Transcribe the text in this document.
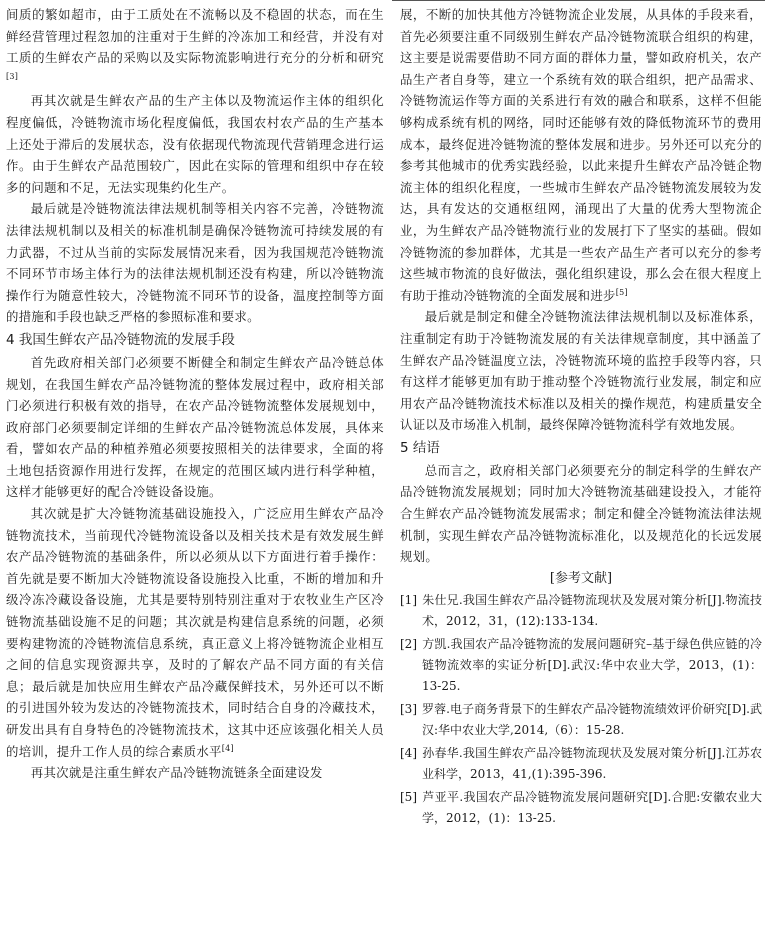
间质的繁如超市，由于工质处在不流畅以及不稳固的状态，而在生鲜经营管理过程忽加的注重对于生鲜的冷冻加工和经营，并没有对工质的生鲜农产品的采购以及实际物流影响进行充分的分析和研究[3]

再其次就是生鲜农产品的生产主体以及物流运作主体的组织化程度偏低，冷链物流市场化程度偏低，我国农村农产品的生产基本上还处于滞后的发展状态，没有依据现代物流现代营销理念进行运作。由于生鲜农产品范围较广，因此在实际的管理和组织中存在较多的问题和不足，无法实现集约化生产。

最后就是冷链物流法律法规机制等相关内容不完善，冷链物流法律法规机制以及相关的标准机制是确保冷链物流可持续发展的有力武器，不过从当前的实际发展情况来看，因为我国规范冷链物流不同环节市场主体行为的法律法规机制还没有构建，所以冷链物流操作行为随意性较大，冷链物流不同环节的设备，温度控制等方面的措施和手段也缺乏严格的参照标准和要求。

4 我国生鲜农产品冷链物流的发展手段

首先政府相关部门必须要不断健全和制定生鲜农产品冷链总体规划，在我国生鲜农产品冷链物流的整体发展过程中，政府相关部门必须进行积极有效的指导，在农产品冷链物流整体发展规划中，政府部门必须要制定详细的生鲜农产品冷链物流总体发展，具体来看，譬如农产品的种植养殖必须要按照相关的法律要求，全面的将土地包括资源作用进行发挥，在规定的范围区域内进行科学种植，这样才能够更好的配合冷链设备设施。

其次就是扩大冷链物流基础设施投入，广泛应用生鲜农产品冷链物流技术，当前现代冷链物流设备以及相关技术是有效发展生鲜农产品冷链物流的基础条件，所以必须从以下方面进行着手操作：首先就是要不断加大冷链物流设备设施投入比重，不断的增加和升级冷冻冷藏设备设施，尤其是要特别特别注重对于农牧业生产区冷链物流基础设施不足的问题；其次就是构建信息系统的问题，必须要构建物流的冷链物流信息系统，真正意义上将冷链物流企业相互之间的信息实现资源共享，及时的了解农产品不同方面的有关信息；最后就是加快应用生鲜农产品冷藏保鲜技术，另外还可以不断的引进国外较为发达的冷链物流技术，同时结合自身的冷藏技术，研发出具有自身特色的冷链物流技术，这其中还应该强化相关人员的培训，提升工作人员的综合素质水平[4]

再其次就是注重生鲜农产品冷链物流链条全面建设发

展，不断的加快其他方冷链物流企业发展，从具体的手段来看，首先必须要注重不同级别生鲜农产品冷链物流联合组织的构建，这主要是说需要借助不同方面的群体力量，譬如政府机关，农产品生产者自身等，建立一个系统有效的联合组织，把产品需求、冷链物流运作等方面的关系进行有效的融合和联系，这样不但能够构成系统有机的网络，同时还能够有效的降低物流环节的费用成本，最终促进冷链物流的整体发展和进步。另外还可以充分的参考其他城市的优秀实践经验，以此来提升生鲜农产品冷链企物流主体的组织化程度，一些城市生鲜农产品冷链物流发展较为发达，具有发达的交通枢纽网，涌现出了大量的优秀大型物流企业，为生鲜农产品冷链物流行业的发展打下了坚实的基础。假如冷链物流的参加群体，尤其是一些农产品生产者可以充分的参考这些城市物流的良好做法，强化组织建设，那么会在很大程度上有助于推动冷链物流的全面发展和进步[5]

最后就是制定和健全冷链物流法律法规机制以及标准体系，注重制定有助于冷链物流发展的有关法律规章制度，其中涵盖了生鲜农产品冷链温度立法，冷链物流环境的监控手段等内容，只有这样才能够更加有助于推动整个冷链物流行业发展，制定和应用农产品冷链物流技术标准以及相关的操作规范，构建质量安全认证以及市场准入机制，最终保障冷链物流科学有效地发展。

5 结语

总而言之，政府相关部门必须要充分的制定科学的生鲜农产品冷链物流发展规划；同时加大冷链物流基础建设投入，才能符合生鲜农产品冷链物流发展需求；制定和健全冷链物流法律法规机制，实现生鲜农产品冷链物流标准化，以及规范化的长远发展规划。

[参考文献]

[1] 朱仕兄.我国生鲜农产品冷链物流现状及发展对策分析[J].物流技术，2012，31，(12):133-134.

[2] 方凯.我国农产品冷链物流的发展问题研究–基于绿色供应链的冷链物流效率的实证分析[D].武汉:华中农业大学，2013，(1)：13-25.

[3] 罗蓉.电子商务背景下的生鲜农产品冷链物流绩效评价研究[D].武汉:华中农业大学,2014,（6）：15-28.

[4] 孙春华.我国生鲜农产品冷链物流现状及发展对策分析[J].江苏农业科学，2013，41,(1):395-396.

[5] 芦亚平.我国农产品冷链物流发展问题研究[D].合肥:安徽农业大学，2012，(1)：13-25.
